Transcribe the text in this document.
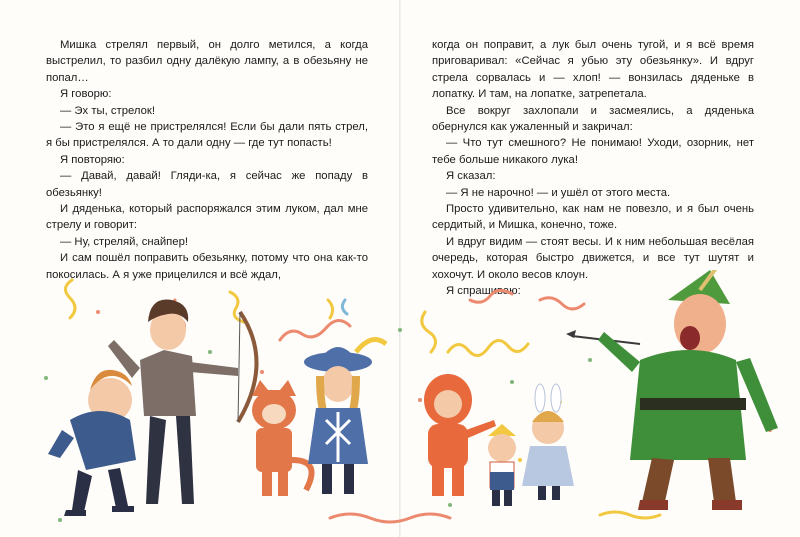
Мишка стрелял первый, он долго метился, а когда выстрелил, то разбил одну далёкую лампу, а в обезьяну не попал…

Я говорю:

— Эх ты, стрелок!

— Это я ещё не пристрелялся! Если бы дали пять стрел, я бы пристрелялся. А то дали одну — где тут попасть!

Я повторяю:

— Давай, давай! Гляди-ка, я сейчас же попаду в обезьянку!

И дяденька, который распоряжался этим луком, дал мне стрелу и говорит:

— Ну, стреляй, снайпер!

И сам пошёл поправить обезьянку, потому что она как-то покосилась. А я уже прицелился и всё ждал,

когда он поправит, а лук был очень тугой, и я всё время приговаривал: «Сейчас я убью эту обезьянку». И вдруг стрела сорвалась и — хлоп! — вонзилась дяденьке в лопатку. И там, на лопатке, затрепетала.

Все вокруг захлопали и засмеялись, а дяденька обернулся как ужаленный и закричал:

— Что тут смешного? Не понимаю! Уходи, озорник, нет тебе больше никакого лука!

Я сказал:

— Я не нарочно! — и ушёл от этого места.

Просто удивительно, как нам не повезло, и я был очень сердитый, и Мишка, конечно, тоже.

И вдруг видим — стоят весы. И к ним небольшая весёлая очередь, которая быстро движется, и все тут шутят и хохочут. И около весов клоун.

Я спрашиваю:
